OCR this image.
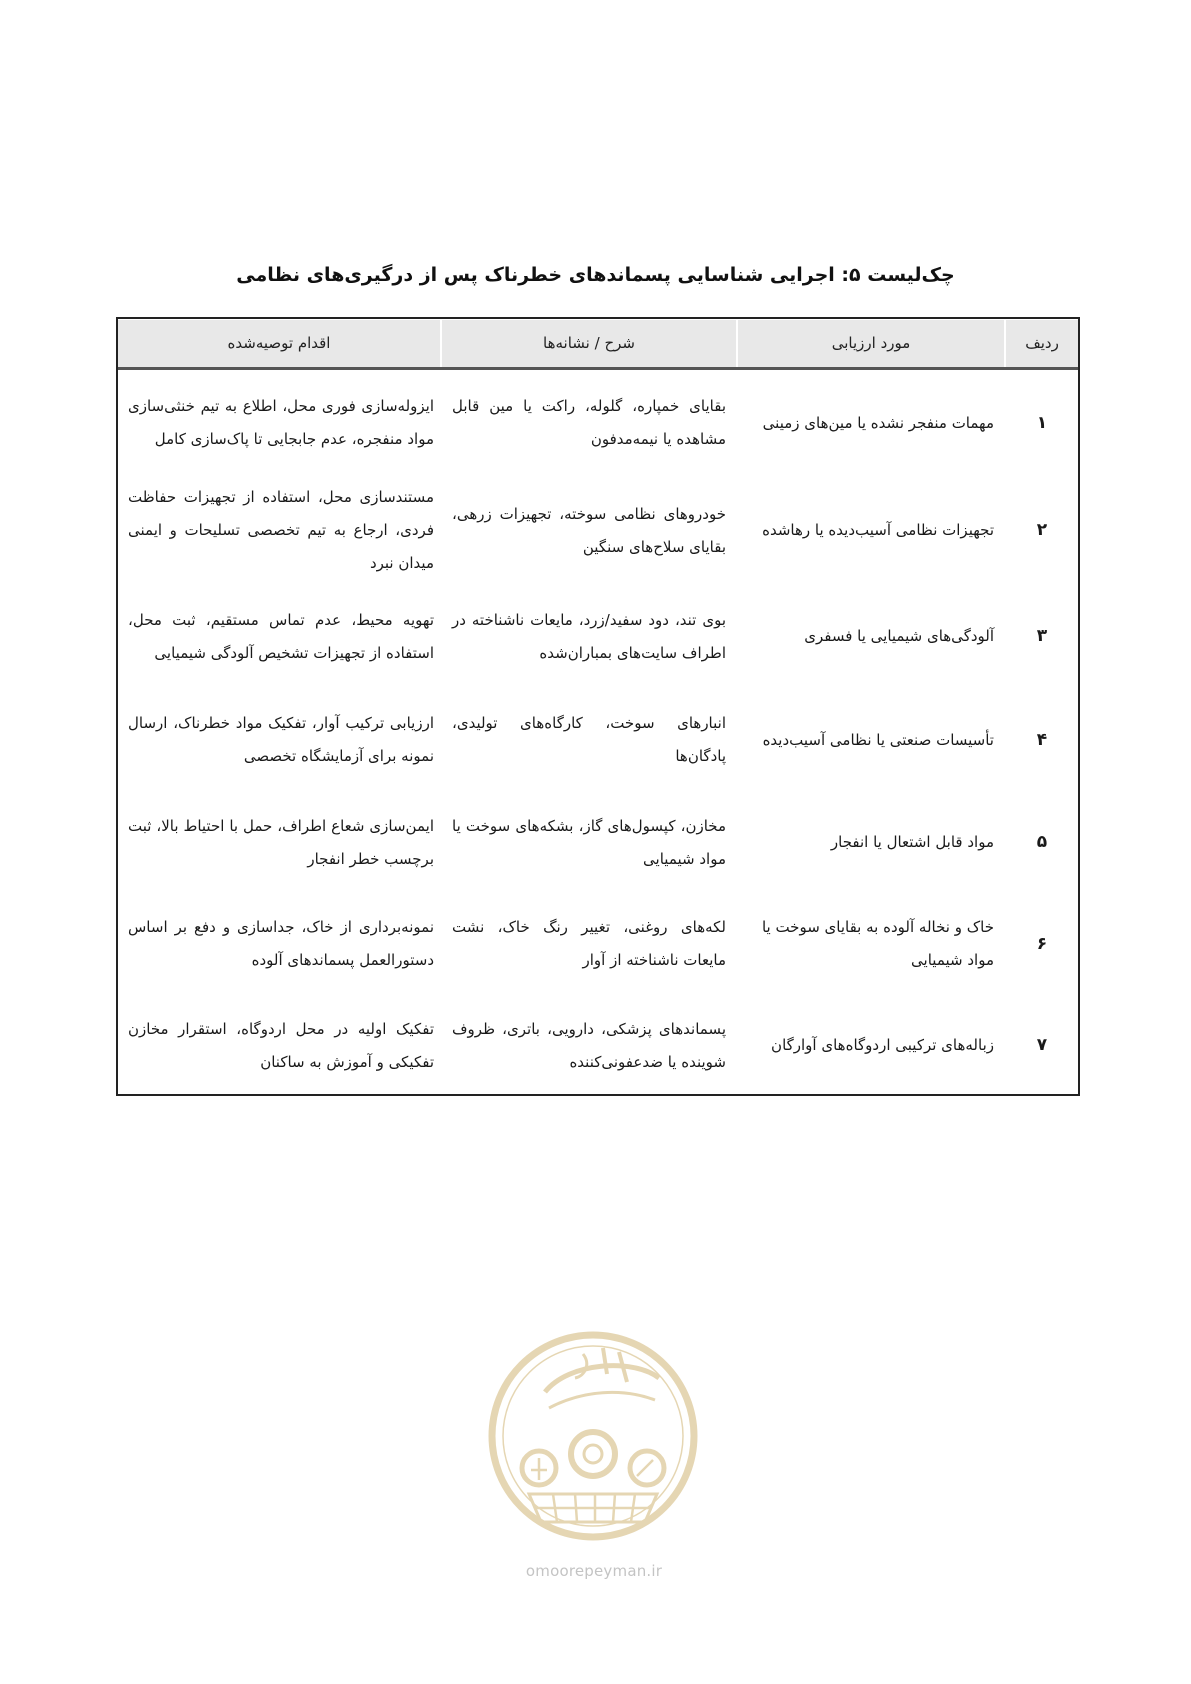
چک‌لیست ۵: اجرایی شناسایی پسماندهای خطرناک پس از درگیری‌های نظامی
ردیف
مورد ارزیابی
شرح / نشانه‌ها
اقدام توصیه‌شده
۱
مهمات منفجر نشده یا مین‌های زمینی
بقایای خمپاره، گلوله، راکت یا مین قابل مشاهده یا نیمه‌مدفون
ایزوله‌سازی فوری محل، اطلاع به تیم خنثی‌سازی مواد منفجره، عدم جابجایی تا پاک‌سازی کامل
۲
تجهیزات نظامی آسیب‌دیده یا رهاشده
خودروهای نظامی سوخته، تجهیزات زرهی، بقایای سلاح‌های سنگین
مستندسازی محل، استفاده از تجهیزات حفاظت فردی، ارجاع به تیم تخصصی تسلیحات و ایمنی میدان نبرد
۳
آلودگی‌های شیمیایی یا فسفری
بوی تند، دود سفید/زرد، مایعات ناشناخته در اطراف سایت‌های بمباران‌شده
تهویه محیط، عدم تماس مستقیم، ثبت محل، استفاده از تجهیزات تشخیص آلودگی شیمیایی
۴
تأسیسات صنعتی یا نظامی آسیب‌دیده
انبارهای سوخت، کارگاه‌های تولیدی، پادگان‌ها
ارزیابی ترکیب آوار، تفکیک مواد خطرناک، ارسال نمونه برای آزمایشگاه تخصصی
۵
مواد قابل اشتعال یا انفجار
مخازن، کپسول‌های گاز، بشکه‌های سوخت یا مواد شیمیایی
ایمن‌سازی شعاع اطراف، حمل با احتیاط بالا، ثبت برچسب خطر انفجار
۶
خاک و نخاله آلوده به بقایای سوخت یا مواد شیمیایی
لکه‌های روغنی، تغییر رنگ خاک، نشت مایعات ناشناخته از آوار
نمونه‌برداری از خاک، جداسازی و دفع بر اساس دستورالعمل پسماندهای آلوده
۷
زباله‌های ترکیبی اردوگاه‌های آوارگان
پسماندهای پزشکی، دارویی، باتری، ظروف شوینده یا ضدعفونی‌کننده
تفکیک اولیه در محل اردوگاه، استقرار مخازن تفکیکی و آموزش به ساکنان
omoorepeyman.ir
